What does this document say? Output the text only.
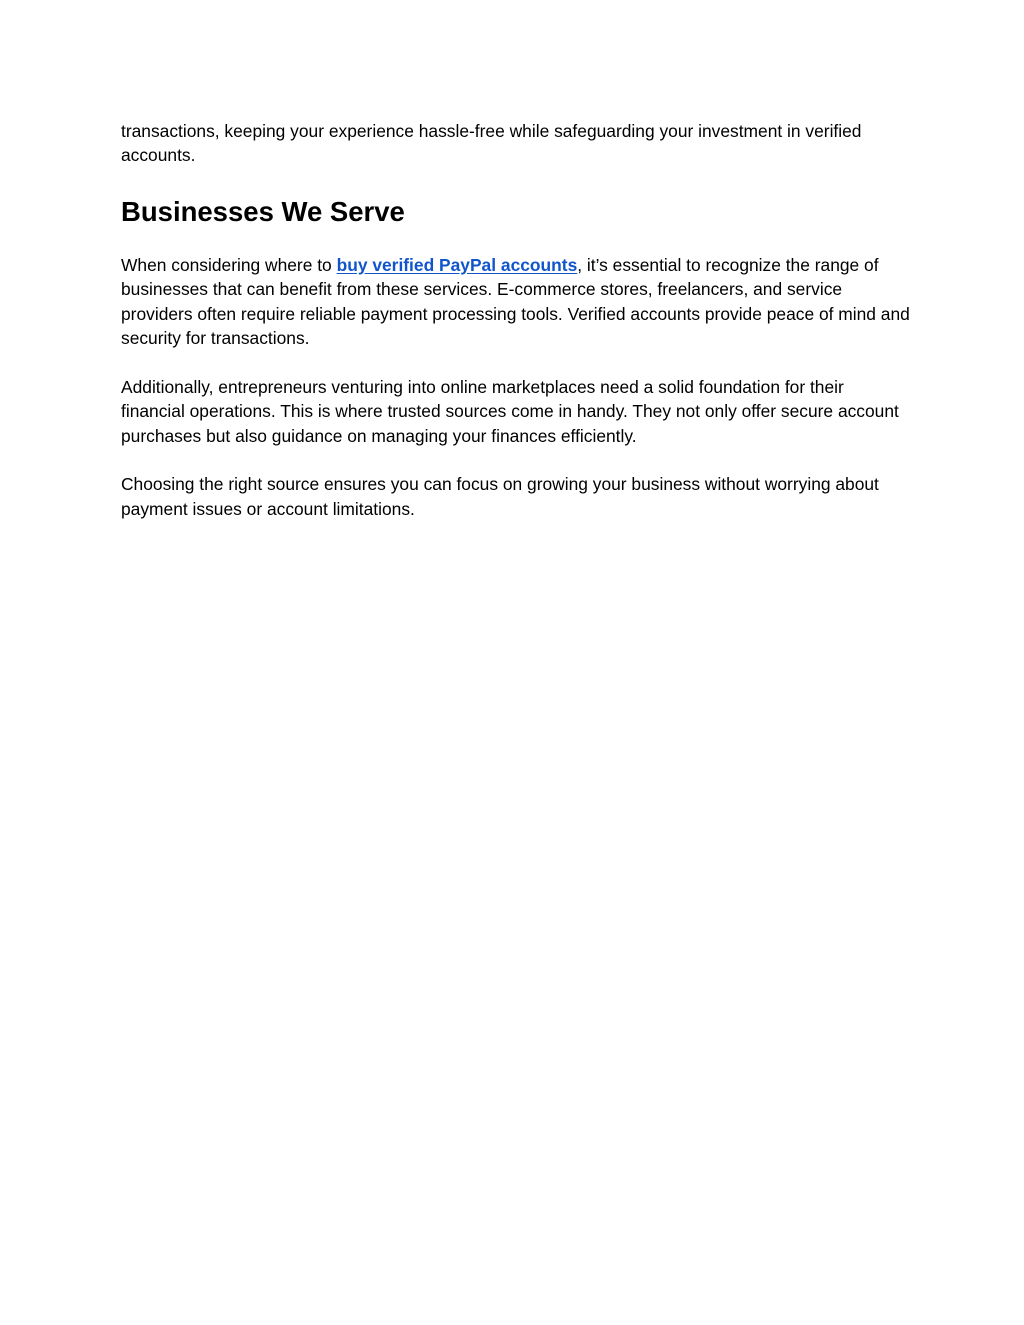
transactions, keeping your experience hassle-free while safeguarding your investment in verified accounts.

Businesses We Serve

When considering where to buy verified PayPal accounts, it’s essential to recognize the range of businesses that can benefit from these services. E-commerce stores, freelancers, and service providers often require reliable payment processing tools. Verified accounts provide peace of mind and security for transactions.

Additionally, entrepreneurs venturing into online marketplaces need a solid foundation for their financial operations. This is where trusted sources come in handy. They not only offer secure account purchases but also guidance on managing your finances efficiently.

Choosing the right source ensures you can focus on growing your business without worrying about payment issues or account limitations.
